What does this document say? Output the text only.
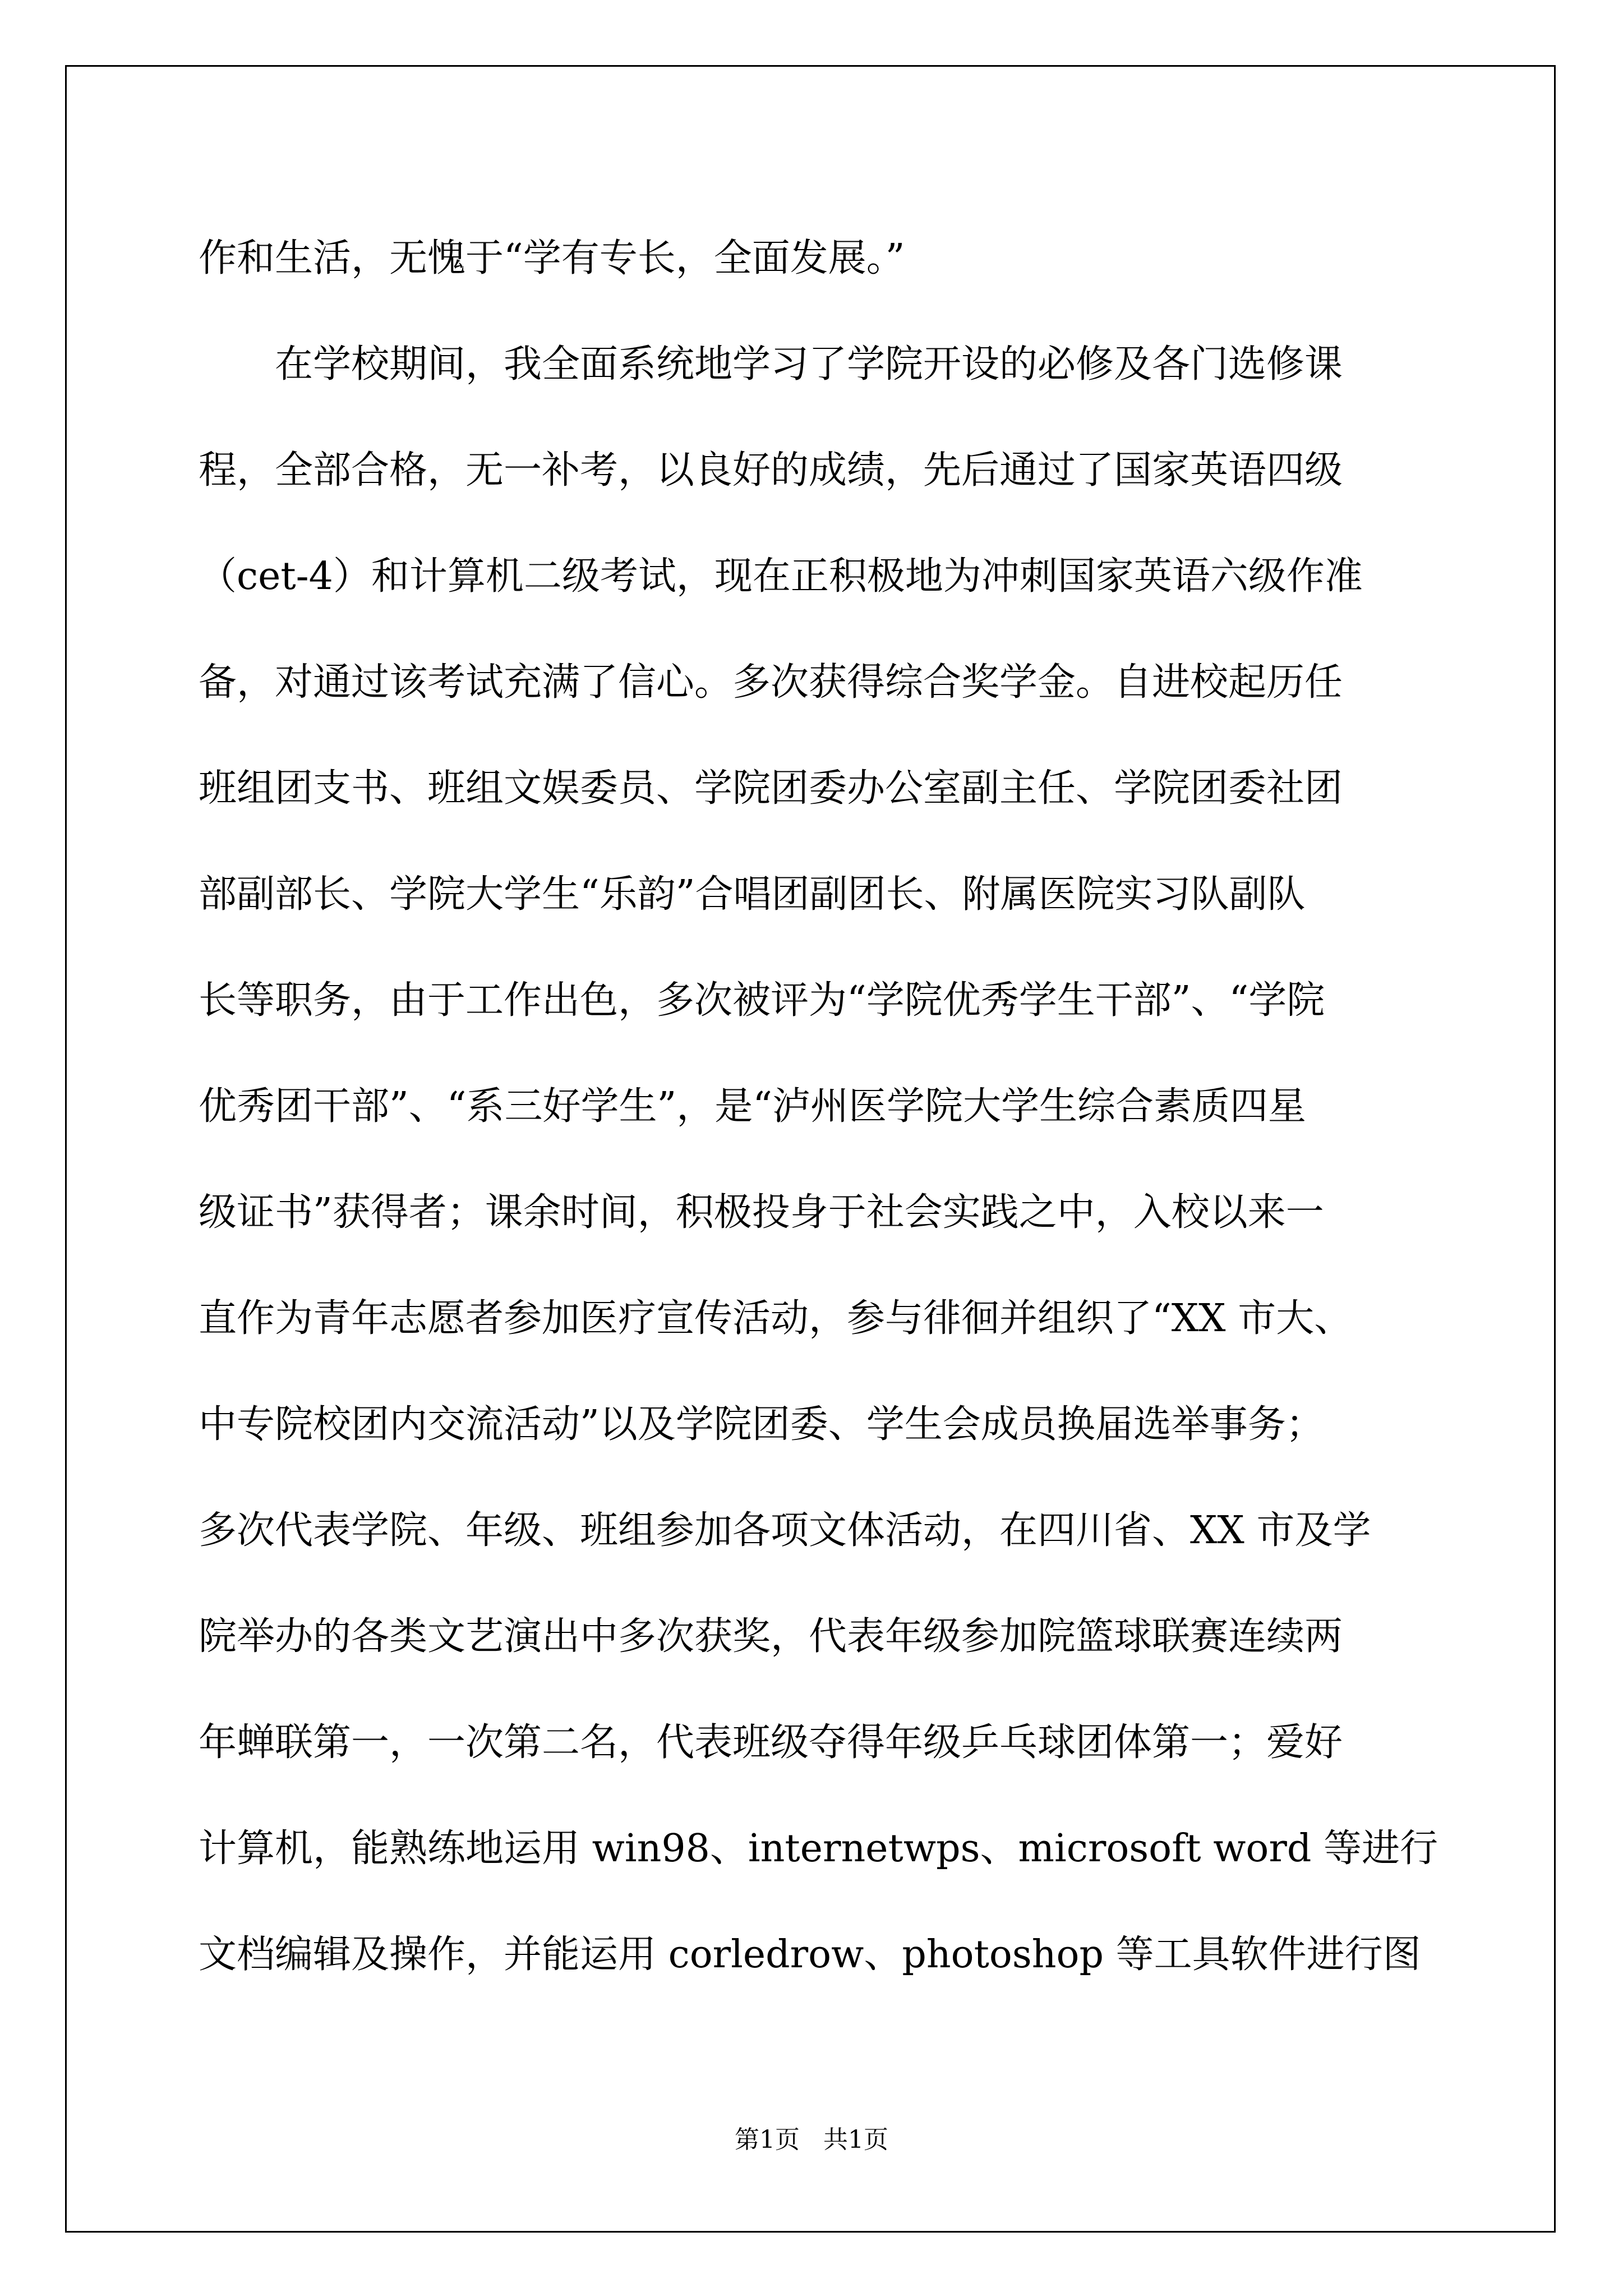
作和生活，无愧于“学有专长，全面发展。”
　　在学校期间，我全面系统地学习了学院开设的必修及各门选修课
程，全部合格，无一补考，以良好的成绩，先后通过了国家英语四级
（cet-4）和计算机二级考试，现在正积极地为冲刺国家英语六级作准
备，对通过该考试充满了信心。多次获得综合奖学金。自进校起历任
班组团支书、班组文娱委员、学院团委办公室副主任、学院团委社团
部副部长、学院大学生“乐韵”合唱团副团长、附属医院实习队副队
长等职务，由于工作出色，多次被评为“学院优秀学生干部”、“学院
优秀团干部”、“系三好学生”，是“泸州医学院大学生综合素质四星
级证书”获得者；课余时间，积极投身于社会实践之中，入校以来一
直作为青年志愿者参加医疗宣传活动，参与徘徊并组织了“XX 市大、
中专院校团内交流活动”以及学院团委、学生会成员换届选举事务；
多次代表学院、年级、班组参加各项文体活动，在四川省、XX 市及学
院举办的各类文艺演出中多次获奖，代表年级参加院篮球联赛连续两
年蝉联第一，一次第二名，代表班级夺得年级乒乓球团体第一；爱好
计算机，能熟练地运用 win98、internetwps、microsoft word 等进行
文档编辑及操作，并能运用 corledrow、photoshop 等工具软件进行图
第1页   共1页
